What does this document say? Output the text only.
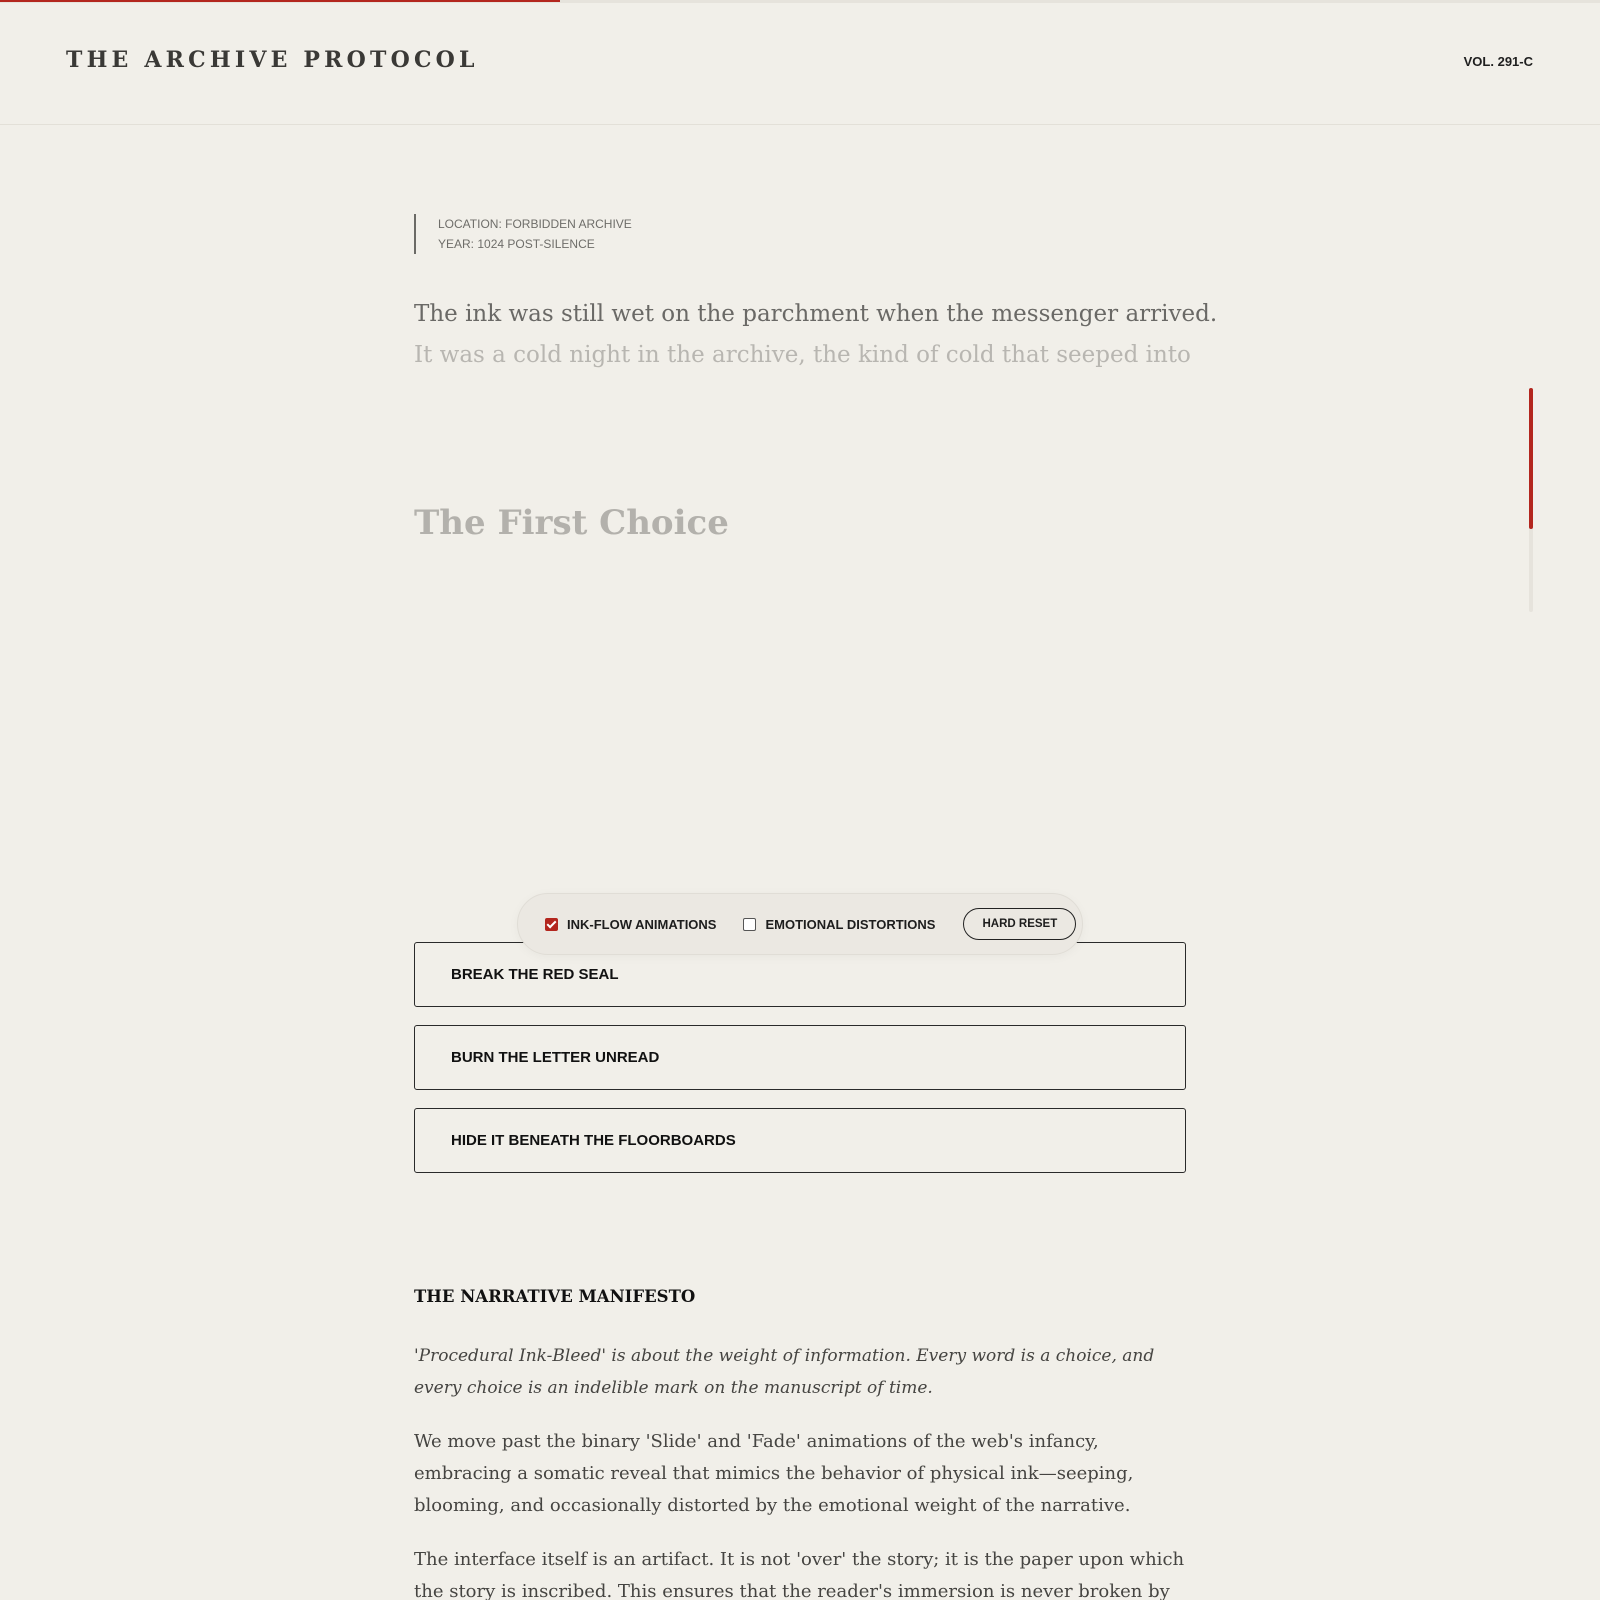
THE ARCHIVE PROTOCOL	VOL. 291-C
LOCATION: FORBIDDEN ARCHIVE
YEAR: 1024 POST-SILENCE

The ink was still wet on the parchment when the messenger arrived.
It was a cold night in the archive, the kind of cold that seeped into

The First Choice
BREAK THE RED SEAL
BURN THE LETTER UNREAD
HIDE IT BENEATH THE FLOORBOARDS
INK-FLOW ANIMATIONS	EMOTIONAL DISTORTIONS	HARD RESET
THE NARRATIVE MANIFESTO

'Procedural Ink-Bleed' is about the weight of information. Every word is a choice, and every choice is an indelible mark on the manuscript of time.

We move past the binary 'Slide' and 'Fade' animations of the web's infancy, embracing a somatic reveal that mimics the behavior of physical ink—seeping, blooming, and occasionally distorted by the emotional weight of the narrative.

The interface itself is an artifact. It is not 'over' the story; it is the paper upon which the story is inscribed. This ensures that the reader's immersion is never broken by
